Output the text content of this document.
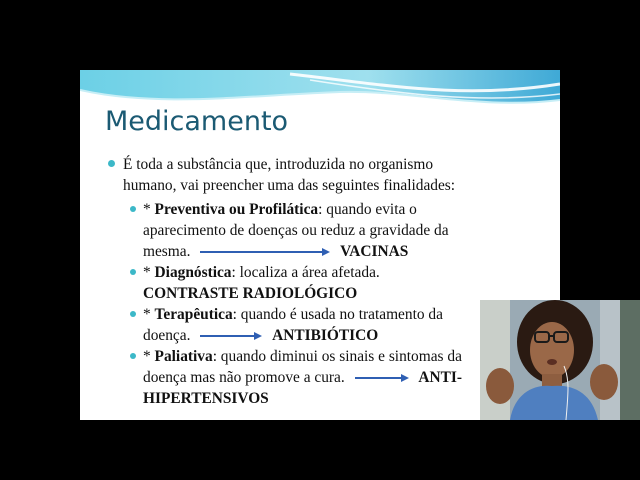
Medicamento
É toda a substância que, introduzida no organismo
humano, vai preencher uma das seguintes finalidades:
* Preventiva ou Profilática: quando evita o
aparecimento de doenças ou reduz a gravidade da
mesma.	VACINAS
* Diagnóstica: localiza a área afetada.
CONTRASTE RADIOLÓGICO
* Terapêutica: quando é usada no tratamento da
doença.	ANTIBIÓTICO
* Paliativa: quando diminui os sinais e sintomas da
doença mas não promove a cura.	ANTI-
HIPERTENSIVOS
